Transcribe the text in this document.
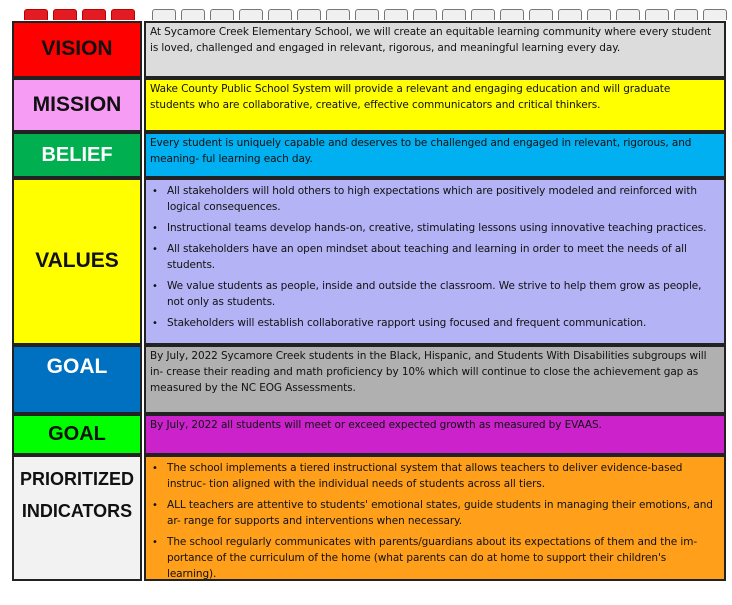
VISION
At Sycamore Creek Elementary School, we will create an equitable learning community where every student is loved, challenged and engaged in relevant, rigorous, and meaningful learning every day.
MISSION
Wake County Public School System will provide a relevant and engaging education and will graduate students who are collaborative, creative, effective communicators and critical thinkers.
BELIEF
Every student is uniquely capable and deserves to be challenged and engaged in relevant, rigorous, and meaning- ful learning each day.
VALUES
• All stakeholders will hold others to high expectations which are positively modeled and reinforced with logical consequences.
• Instructional teams develop hands-on, creative, stimulating lessons using innovative teaching practices.
• All stakeholders have an open mindset about teaching and learning in order to meet the needs of all students.
• We value students as people, inside and outside the classroom. We strive to help them grow as people, not only as students.
• Stakeholders will establish collaborative rapport using focused and frequent communication.
GOAL	By July, 2022 Sycamore Creek students in the Black, Hispanic, and Students With Disabilities subgroups will in- crease their reading and math proficiency by 10% which will continue to close the achievement gap as measured by the NC EOG Assessments.
GOAL	By July, 2022 all students will meet or exceed expected growth as measured by EVAAS.
PRIORITIZED
INDICATORS
• The school implements a tiered instructional system that allows teachers to deliver evidence-based instruc- tion aligned with the individual needs of students across all tiers.
• ALL teachers are attentive to students' emotional states, guide students in managing their emotions, and ar- range for supports and interventions when necessary.
• The school regularly communicates with parents/guardians about its expectations of them and the im- portance of the curriculum of the home (what parents can do at home to support their children's learning).
